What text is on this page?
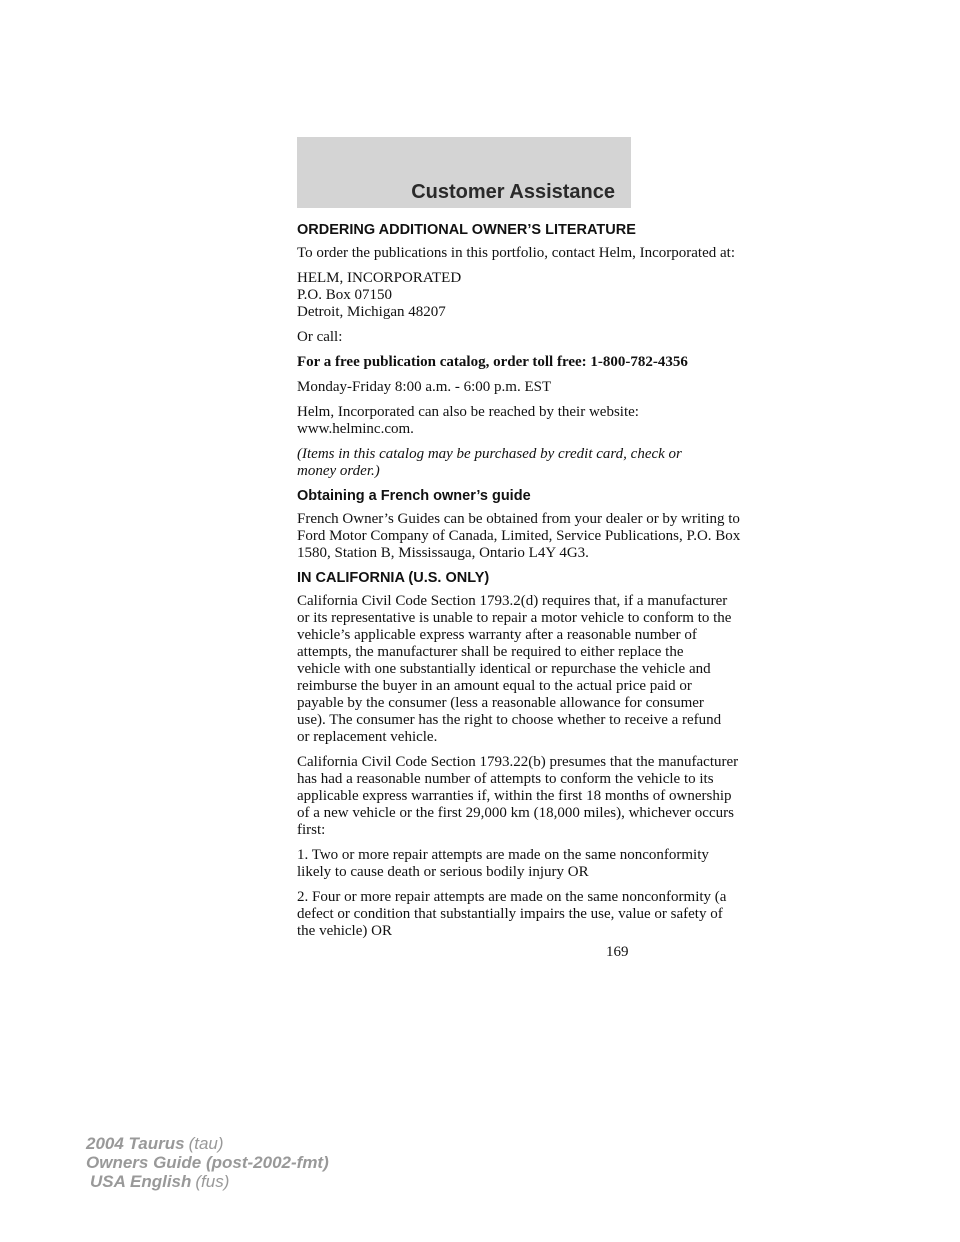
Customer Assistance
ORDERING ADDITIONAL OWNER’S LITERATURE

To order the publications in this portfolio, contact Helm, Incorporated at:

HELM, INCORPORATED
P.O. Box 07150
Detroit, Michigan 48207

Or call:

For a free publication catalog, order toll free: 1-800-782-4356

Monday-Friday 8:00 a.m. - 6:00 p.m. EST

Helm, Incorporated can also be reached by their website:
www.helminc.com.

(Items in this catalog may be purchased by credit card, check or
money order.)

Obtaining a French owner’s guide

French Owner’s Guides can be obtained from your dealer or by writing to
Ford Motor Company of Canada, Limited, Service Publications, P.O. Box
1580, Station B, Mississauga, Ontario L4Y 4G3.

IN CALIFORNIA (U.S. ONLY)

California Civil Code Section 1793.2(d) requires that, if a manufacturer
or its representative is unable to repair a motor vehicle to conform to the
vehicle’s applicable express warranty after a reasonable number of
attempts, the manufacturer shall be required to either replace the
vehicle with one substantially identical or repurchase the vehicle and
reimburse the buyer in an amount equal to the actual price paid or
payable by the consumer (less a reasonable allowance for consumer
use). The consumer has the right to choose whether to receive a refund
or replacement vehicle.

California Civil Code Section 1793.22(b) presumes that the manufacturer
has had a reasonable number of attempts to conform the vehicle to its
applicable express warranties if, within the first 18 months of ownership
of a new vehicle or the first 29,000 km (18,000 miles), whichever occurs
first:

1. Two or more repair attempts are made on the same nonconformity
likely to cause death or serious bodily injury OR

2. Four or more repair attempts are made on the same nonconformity (a
defect or condition that substantially impairs the use, value or safety of
the vehicle) OR

169
2004 Taurus (tau)
Owners Guide (post-2002-fmt)
USA English (fus)
